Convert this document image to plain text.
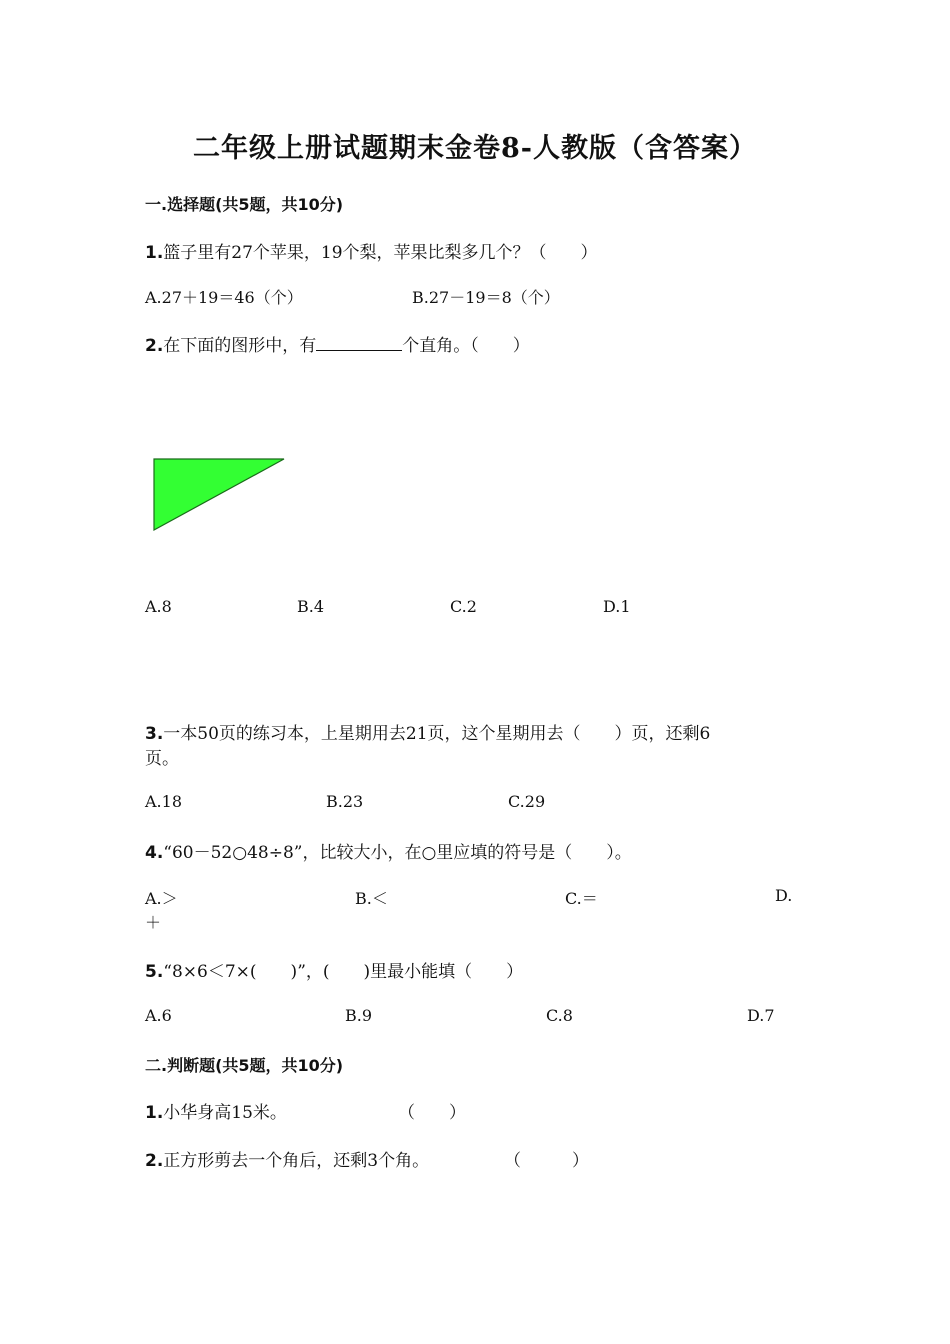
二年级上册试题期末金卷8-人教版（含答案）
一.选择题(共5题，共10分)
1.篮子里有27个苹果，19个梨，苹果比梨多几个？（　　）
A.27＋19＝46（个）	B.27－19＝8（个）
2.在下面的图形中，有	个直角。（　　）
A.8	B.4	C.2	D.1
3.一本50页的练习本，上星期用去21页，这个星期用去（　　）页，还剩6
页。
A.18	B.23	C.29
4.“60－52○48÷8”，比较大小，在○里应填的符号是（　　）。
A.＞	B.＜	C.＝	D.
＋
5.“8×6＜7×(　　)”，(　　)里最小能填（　　）
A.6	B.9	C.8	D.7
二.判断题(共5题，共10分)
1.小华身高15米。	（　　）
2.正方形剪去一个角后，还剩3个角。	（　　　）
